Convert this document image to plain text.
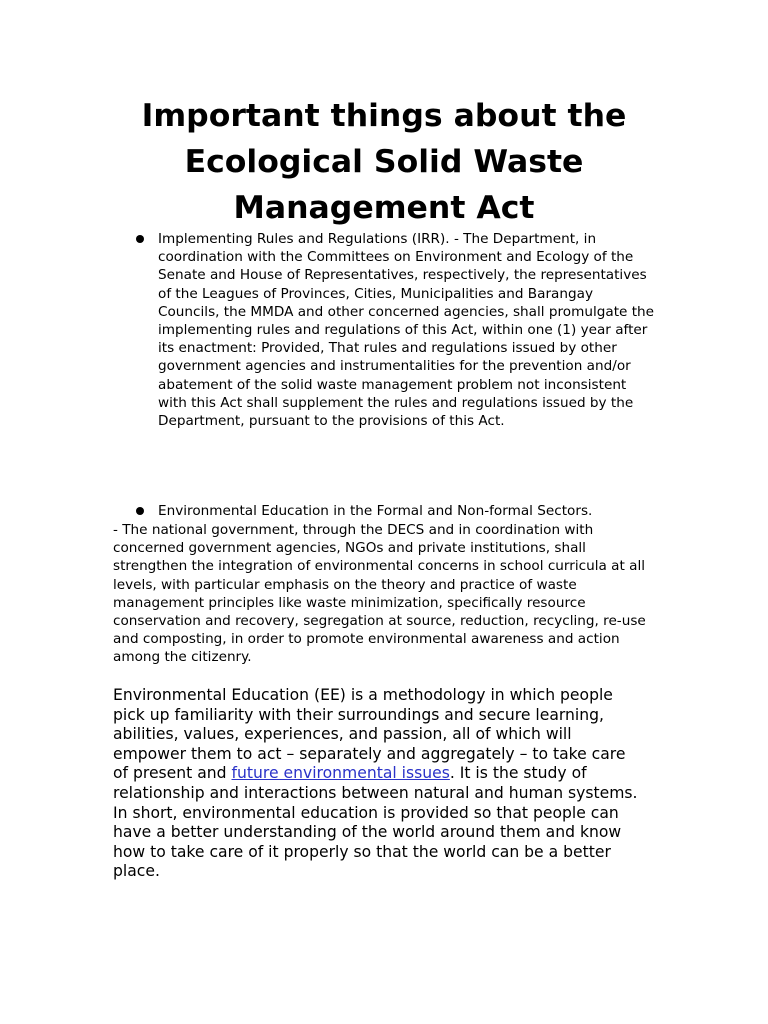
Important things about the Ecological Solid Waste Management Act

Implementing Rules and Regulations (IRR). - The Department, in coordination with the Committees on Environment and Ecology of the Senate and House of Representatives, respectively, the representatives of the Leagues of Provinces, Cities, Municipalities and Barangay Councils, the MMDA and other concerned agencies, shall promulgate the implementing rules and regulations of this Act, within one (1) year after its enactment: Provided, That rules and regulations issued by other government agencies and instrumentalities for the prevention and/or abatement of the solid waste management problem not inconsistent with this Act shall supplement the rules and regulations issued by the Department, pursuant to the provisions of this Act.

Environmental Education in the Formal and Non-formal Sectors.

- The national government, through the DECS and in coordination with concerned government agencies, NGOs and private institutions, shall strengthen the integration of environmental concerns in school curricula at all levels, with particular emphasis on the theory and practice of waste management principles like waste minimization, specifically resource conservation and recovery, segregation at source, reduction, recycling, re-use and composting, in order to promote environmental awareness and action among the citizenry.

Environmental Education (EE) is a methodology in which people pick up familiarity with their surroundings and secure learning, abilities, values, experiences, and passion, all of which will empower them to act – separately and aggregately – to take care of present and future environmental issues. It is the study of relationship and interactions between natural and human systems. In short, environmental education is provided so that people can have a better understanding of the world around them and know how to take care of it properly so that the world can be a better place.
